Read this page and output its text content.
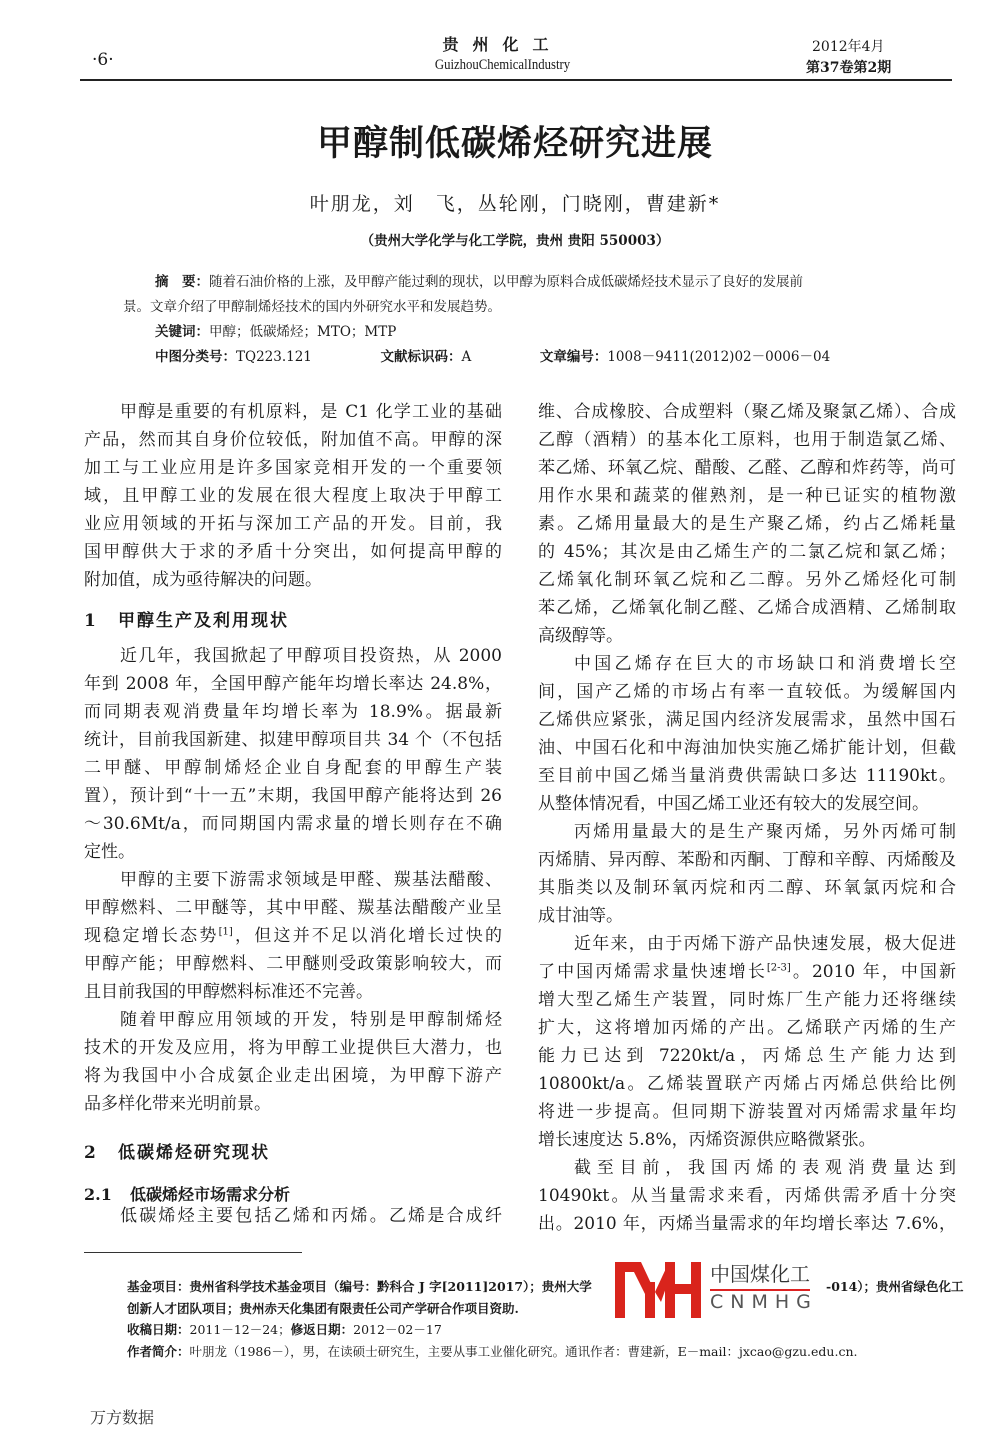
·6·
贵州化工
GuizhouChemicalIndustry
2012年4月
第37卷第2期
甲醇制低碳烯烃研究进展
叶朋龙，刘　飞，丛轮刚，门晓刚，曹建新*
（贵州大学化学与化工学院，贵州 贵阳 550003）
摘　要：随着石油价格的上涨，及甲醇产能过剩的现状，以甲醇为原料合成低碳烯烃技术显示了良好的发展前
景。文章介绍了甲醇制烯烃技术的国内外研究水平和发展趋势。
关键词：甲醇；低碳烯烃；MTO；MTP
中图分类号：TQ223.121	文献标识码：A	文章编号：1008－9411(2012)02－0006－04
甲醇是重要的有机原料，是 C1 化学工业的基础
产品，然而其自身价位较低，附加值不高。甲醇的深
加工与工业应用是许多国家竞相开发的一个重要领
域，且甲醇工业的发展在很大程度上取决于甲醇工
业应用领域的开拓与深加工产品的开发。目前，我
国甲醇供大于求的矛盾十分突出，如何提高甲醇的
附加值，成为亟待解决的问题。
1 甲醇生产及利用现状
近几年，我国掀起了甲醇项目投资热，从 2000
年到 2008 年，全国甲醇产能年均增长率达 24.8%，
而同期表观消费量年均增长率为 18.9%。据最新
统计，目前我国新建、拟建甲醇项目共 34 个（不包括
二甲醚、甲醇制烯烃企业自身配套的甲醇生产装
置），预计到“十一五”末期，我国甲醇产能将达到 26
～30.6Mt/a，而同期国内需求量的增长则存在不确
定性。
甲醇的主要下游需求领域是甲醛、羰基法醋酸、
甲醇燃料、二甲醚等，其中甲醛、羰基法醋酸产业呈
现稳定增长态势[1]，但这并不足以消化增长过快的
甲醇产能；甲醇燃料、二甲醚则受政策影响较大，而
且目前我国的甲醇燃料标准还不完善。
随着甲醇应用领域的开发，特别是甲醇制烯烃
技术的开发及应用，将为甲醇工业提供巨大潜力，也
将为我国中小合成氨企业走出困境，为甲醇下游产
品多样化带来光明前景。
2 低碳烯烃研究现状
2.1 低碳烯烃市场需求分析
低碳烯烃主要包括乙烯和丙烯。乙烯是合成纤
维、合成橡胶、合成塑料（聚乙烯及聚氯乙烯）、合成
乙醇（酒精）的基本化工原料，也用于制造氯乙烯、
苯乙烯、环氧乙烷、醋酸、乙醛、乙醇和炸药等，尚可
用作水果和蔬菜的催熟剂，是一种已证实的植物激
素。乙烯用量最大的是生产聚乙烯，约占乙烯耗量
的 45%；其次是由乙烯生产的二氯乙烷和氯乙烯；
乙烯氧化制环氧乙烷和乙二醇。另外乙烯烃化可制
苯乙烯，乙烯氧化制乙醛、乙烯合成酒精、乙烯制取
高级醇等。
中国乙烯存在巨大的市场缺口和消费增长空
间，国产乙烯的市场占有率一直较低。为缓解国内
乙烯供应紧张，满足国内经济发展需求，虽然中国石
油、中国石化和中海油加快实施乙烯扩能计划，但截
至目前中国乙烯当量消费供需缺口多达 11190kt。
从整体情况看，中国乙烯工业还有较大的发展空间。
丙烯用量最大的是生产聚丙烯，另外丙烯可制
丙烯腈、异丙醇、苯酚和丙酮、丁醇和辛醇、丙烯酸及
其脂类以及制环氧丙烷和丙二醇、环氧氯丙烷和合
成甘油等。
近年来，由于丙烯下游产品快速发展，极大促进
了中国丙烯需求量快速增长[2-3]。2010 年，中国新
增大型乙烯生产装置，同时炼厂生产能力还将继续
扩大，这将增加丙烯的产出。乙烯联产丙烯的生产
能力已达到 7220kt/a，丙烯总生产能力达到
10800kt/a。乙烯装置联产丙烯占丙烯总供给比例
将进一步提高。但同期下游装置对丙烯需求量年均
增长速度达 5.8%，丙烯资源供应略微紧张。
截至目前，我国丙烯的表观消费量达到
10490kt。从当量需求来看，丙烯供需矛盾十分突
出。2010 年，丙烯当量需求的年均增长率达 7.6%，
基金项目：贵州省科学技术基金项目（编号：黔科合 J 字[2011]2017）；贵州大学
创新人才团队项目；贵州赤天化集团有限责任公司产学研合作项目资助.
收稿日期：2011－12－24；修返日期：2012－02－17
作者简介：叶朋龙（1986－），男，在读硕士研究生，主要从事工业催化研究。通讯作者：曹建新，E－mail：jxcao@gzu.edu.cn.
中国煤化工
CNMHG
-014）；贵州省绿色化工
万方数据
